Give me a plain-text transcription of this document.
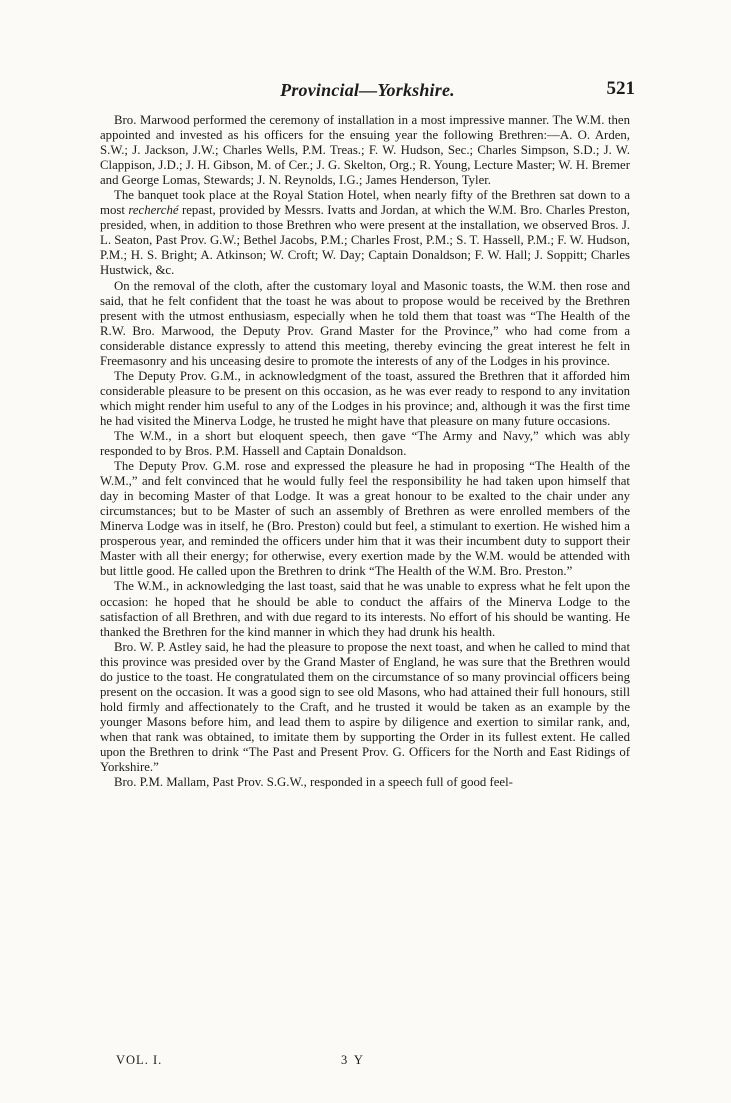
Provincial—Yorkshire.	521

Bro. Marwood performed the ceremony of installation in a most impressive manner. The W.M. then appointed and invested as his officers for the ensuing year the following Brethren:—A. O. Arden, S.W.; J. Jackson, J.W.; Charles Wells, P.M. Treas.; F. W. Hudson, Sec.; Charles Simpson, S.D.; J. W. Clappison, J.D.; J. H. Gibson, M. of Cer.; J. G. Skelton, Org.; R. Young, Lecture Master; W. H. Bremer and George Lomas, Stewards; J. N. Reynolds, I.G.; James Henderson, Tyler.

The banquet took place at the Royal Station Hotel, when nearly fifty of the Brethren sat down to a most recherché repast, provided by Messrs. Ivatts and Jordan, at which the W.M. Bro. Charles Preston, presided, when, in addition to those Brethren who were present at the installation, we observed Bros. J. L. Seaton, Past Prov. G.W.; Bethel Jacobs, P.M.; Charles Frost, P.M.; S. T. Hassell, P.M.; F. W. Hudson, P.M.; H. S. Bright; A. Atkinson; W. Croft; W. Day; Captain Donaldson; F. W. Hall; J. Soppitt; Charles Hustwick, &c.

On the removal of the cloth, after the customary loyal and Masonic toasts, the W.M. then rose and said, that he felt confident that the toast he was about to propose would be received by the Brethren present with the utmost enthusiasm, especially when he told them that toast was “The Health of the R.W. Bro. Marwood, the Deputy Prov. Grand Master for the Province,” who had come from a considerable distance expressly to attend this meeting, thereby evincing the great interest he felt in Freemasonry and his unceasing desire to promote the interests of any of the Lodges in his province.

The Deputy Prov. G.M., in acknowledgment of the toast, assured the Brethren that it afforded him considerable pleasure to be present on this occasion, as he was ever ready to respond to any invitation which might render him useful to any of the Lodges in his province; and, although it was the first time he had visited the Minerva Lodge, he trusted he might have that pleasure on many future occasions.

The W.M., in a short but eloquent speech, then gave “The Army and Navy,” which was ably responded to by Bros. P.M. Hassell and Captain Donaldson.

The Deputy Prov. G.M. rose and expressed the pleasure he had in proposing “The Health of the W.M.,” and felt convinced that he would fully feel the responsibility he had taken upon himself that day in becoming Master of that Lodge. It was a great honour to be exalted to the chair under any circumstances; but to be Master of such an assembly of Brethren as were enrolled members of the Minerva Lodge was in itself, he (Bro. Preston) could but feel, a stimulant to exertion. He wished him a prosperous year, and reminded the officers under him that it was their incumbent duty to support their Master with all their energy; for otherwise, every exertion made by the W.M. would be attended with but little good. He called upon the Brethren to drink “The Health of the W.M. Bro. Preston.”

The W.M., in acknowledging the last toast, said that he was unable to express what he felt upon the occasion: he hoped that he should be able to conduct the affairs of the Minerva Lodge to the satisfaction of all Brethren, and with due regard to its interests. No effort of his should be wanting. He thanked the Brethren for the kind manner in which they had drunk his health.

Bro. W. P. Astley said, he had the pleasure to propose the next toast, and when he called to mind that this province was presided over by the Grand Master of England, he was sure that the Brethren would do justice to the toast. He congratulated them on the circumstance of so many provincial officers being present on the occasion. It was a good sign to see old Masons, who had attained their full honours, still hold firmly and affectionately to the Craft, and he trusted it would be taken as an example by the younger Masons before him, and lead them to aspire by diligence and exertion to similar rank, and, when that rank was obtained, to imitate them by supporting the Order in its fullest extent. He called upon the Brethren to drink “The Past and Present Prov. G. Officers for the North and East Ridings of Yorkshire.”

Bro. P.M. Mallam, Past Prov. S.G.W., responded in a speech full of good feel-

VOL. I.	3 Y
